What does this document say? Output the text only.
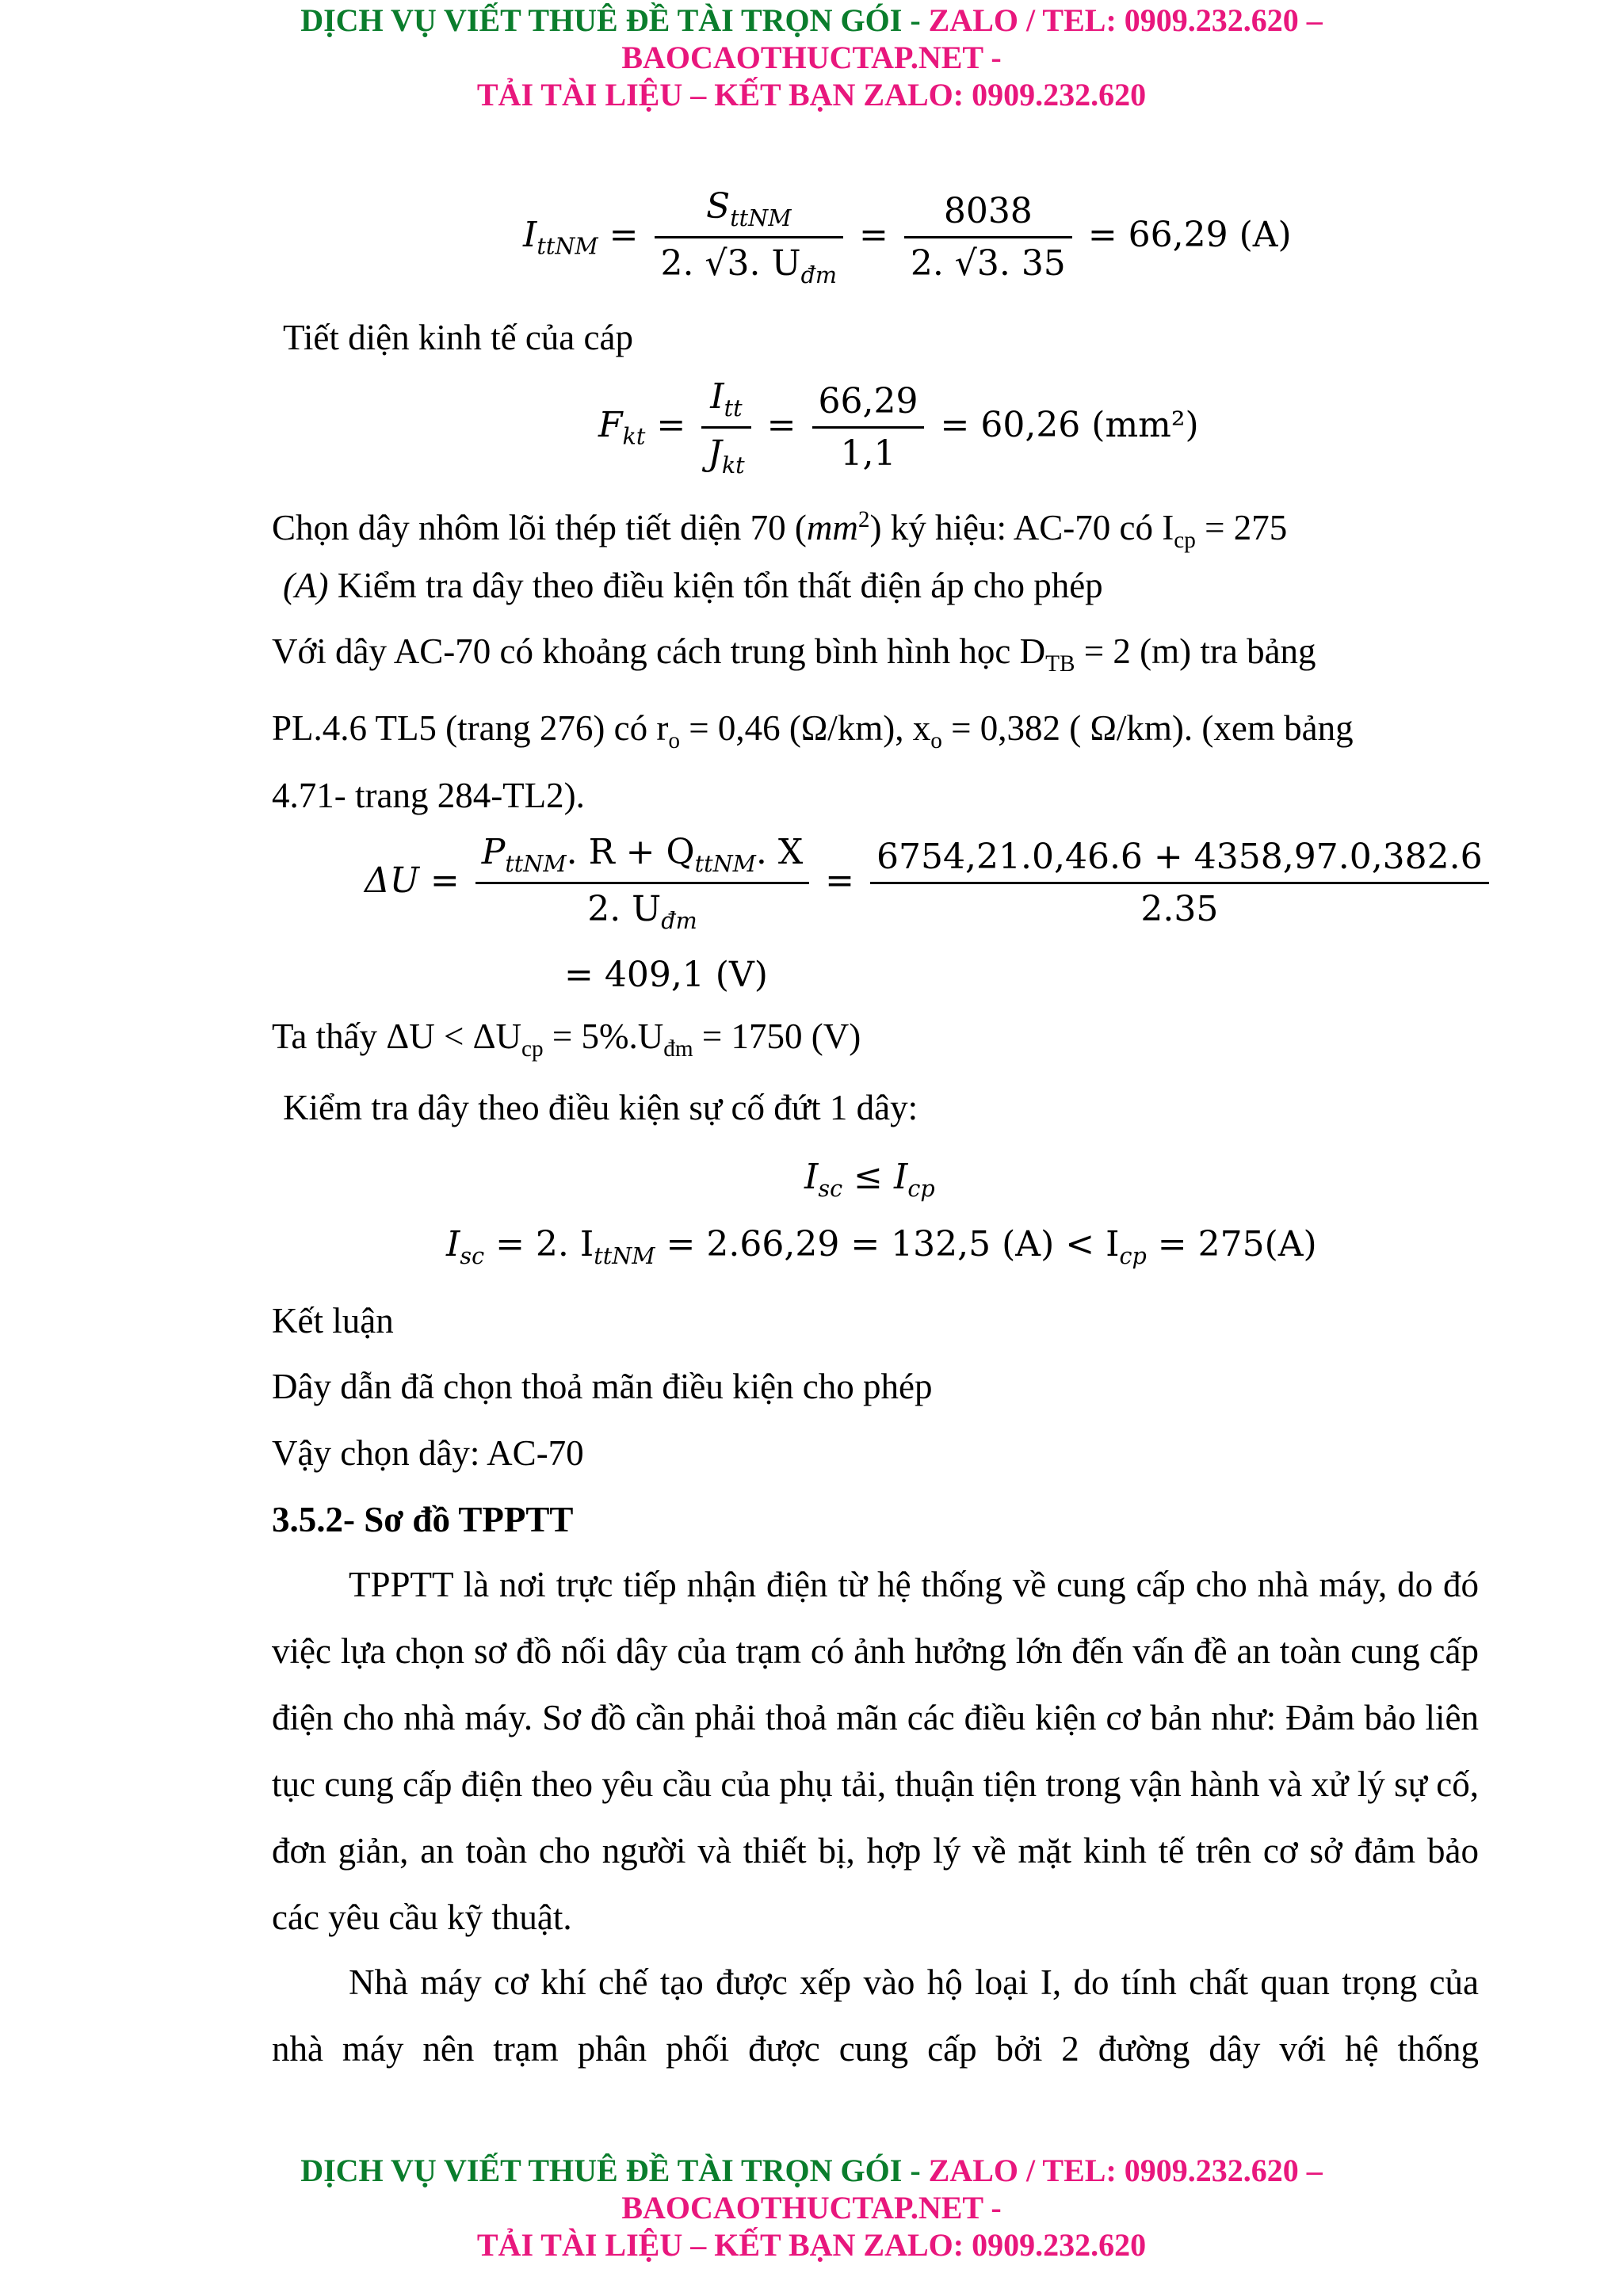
DỊCH VỤ VIẾT THUÊ ĐỀ TÀI TRỌN GÓI - ZALO / TEL: 0909.232.620 –
BAOCAOTHUCTAP.NET -
TẢI TÀI LIỆU – KẾT BẠN ZALO: 0909.232.620
$I_{ttNM} = \frac{S_{ttNM}}{2. √3. U_{đm}} = \frac{8038}{2. √3. 35} = 66,29$ (A)
Tiết diện kinh tế của cáp
$F_{kt} = \frac{I_{tt}}{J_{kt}} = \frac{66,29}{1,1} = 60,26$ (mm²)
Chọn dây nhôm lõi thép tiết diện 70 $(mm^2)$ ký hiệu: AC-70 có $I_{cp} = 275$
(A) Kiểm tra dây theo điều kiện tổn thất điện áp cho phép
Với dây AC-70 có khoảng cách trung bình hình học $D_{TB} = 2$ (m) tra bảng
PL.4.6 TL5 (trang 276) có $r_o = 0,46$ (Ω/km), $x_o = 0,382$ ( Ω/km). (xem bảng
4.71- trang 284-TL2).
$\Delta U = \frac{P_{ttNM}. R + Q_{ttNM}. X}{2. U_{đm}} = \frac{6754,21.0,46.6 + 4358,97.0,382.6}{2.35}$
= 409,1 (V)
Ta thấy $\Delta U < \Delta U_{cp} = 5\%.U_{đm} = 1750$ (V)
Kiểm tra dây theo điều kiện sự cố đứt 1 dây:
$I_{sc} \le I_{cp}$
$I_{sc} = 2$. $I_{ttNM} = 2.66,29 = 132,5$ $(A) < I_{cp} = 275(A)$
Kết luận
Dây dẫn đã chọn thoả mãn điều kiện cho phép
Vậy chọn dây: AC-70
3.5.2- Sơ đồ TPPTT
TPPTT là nơi trực tiếp nhận điện từ hệ thống về cung cấp cho nhà máy, do đó việc lựa chọn sơ đồ nối dây của trạm có ảnh hưởng lớn đến vấn đề an toàn cung cấp điện cho nhà máy. Sơ đồ cần phải thoả mãn các điều kiện cơ bản như: Đảm bảo liên tục cung cấp điện theo yêu cầu của phụ tải, thuận tiện trong vận hành và xử lý sự cố, đơn giản, an toàn cho người và thiết bị, hợp lý về mặt kinh tế trên cơ sở đảm bảo các yêu cầu kỹ thuật.
Nhà máy cơ khí chế tạo được xếp vào hộ loại I, do tính chất quan trọng của nhà máy nên trạm phân phối được cung cấp bởi 2 đường dây với hệ thống
DỊCH VỤ VIẾT THUÊ ĐỀ TÀI TRỌN GÓI - ZALO / TEL: 0909.232.620 –
BAOCAOTHUCTAP.NET -
TẢI TÀI LIỆU – KẾT BẠN ZALO: 0909.232.620
